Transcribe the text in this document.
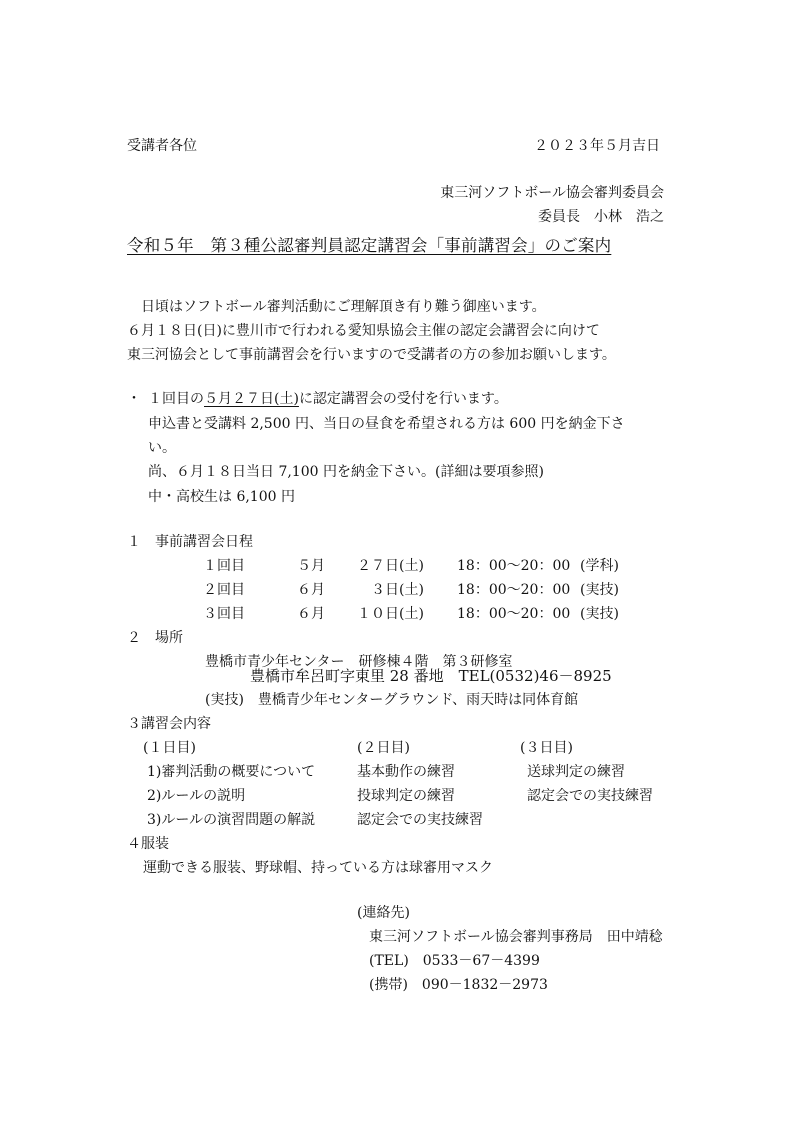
受講者各位	２０２３年５月吉日
東三河ソフトボール協会審判委員会
委員長　小林　浩之
令和５年　第３種公認審判員認定講習会「事前講習会」のご案内
日頃はソフトボール審判活動にご理解頂き有り難う御座います。
６月１８日(日)に豊川市で行われる愛知県協会主催の認定会講習会に向けて
東三河協会として事前講習会を行いますので受講者の方の参加お願いします。
・ １回目の５月２７日(土)に認定講習会の受付を行います。
申込書と受講料 2,500 円、当日の昼食を希望される方は 600 円を納金下さ
い。
尚、６月１８日当日 7,100 円を納金下さい。(詳細は要項参照)
中・高校生は 6,100 円
１　事前講習会日程
１回目	５月 ２７日(土) 18：00～20：00 (学科)
２回目	６月	３日(土) 18：00～20：00 (実技)
３回目	６月 １０日(土) 18：00～20：00 (実技)
２　場所
豊橋市青少年センター　研修棟４階　第３研修室
豊橋市牟呂町字東里 28 番地　TEL(0532)46－8925
(実技)　豊橋青少年センターグラウンド、雨天時は同体育館
３講習会内容
(１日目)	(２日目)	(３日目)
1)審判活動の概要について	基本動作の練習	送球判定の練習
2)ルールの説明	投球判定の練習	認定会での実技練習
3)ルールの演習問題の解説	認定会での実技練習
４服装
運動できる服装、野球帽、持っている方は球審用マスク
(連絡先)
東三河ソフトボール協会審判事務局　田中靖稔
(TEL)　0533－67－4399
(携帯)　090－1832－2973
